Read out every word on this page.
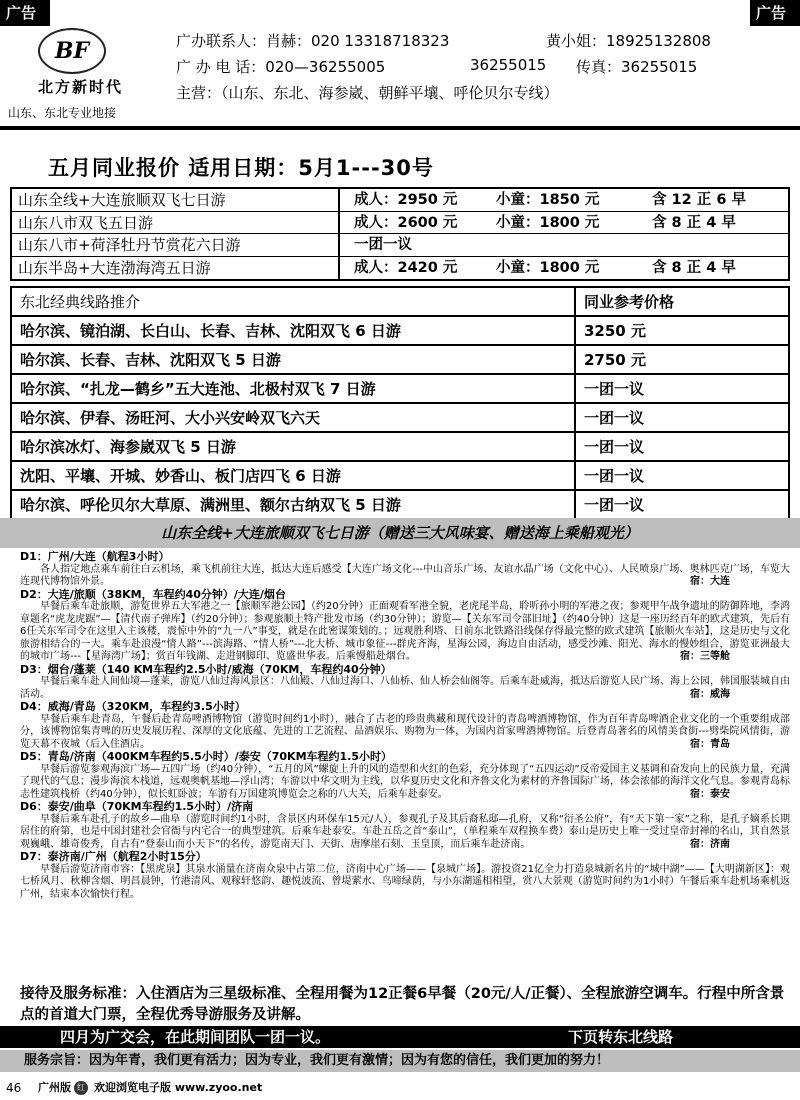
广告	广告
BF
北方新时代
山东、东北专业地接
广办联系人：肖赫：020 13318718323	黄小姐：18925132808
广 办 电 话：020—36255005	36255015 传真：36255015
主营：（山东、东北、海参崴、朝鲜平壤、呼伦贝尔专线）
五月同业报价 适用日期：5月1---30号
山东全线+大连旅顺双飞七日游	成人：2950 元	小童：1850 元	含 12 正 6 早
山东八市双飞五日游	成人：2600 元	小童：1800 元	含 8 正 4 早
山东八市+荷泽牡丹节赏花六日游	一团一议
山东半岛+大连渤海湾五日游	成人：2420 元	小童：1800 元	含 8 正 4 早
东北经典线路推介	同业参考价格
哈尔滨、镜泊湖、长白山、长春、吉林、沈阳双飞 6 日游	3250 元
哈尔滨、长春、吉林、沈阳双飞 5 日游	2750 元
哈尔滨、“扎龙—鹤乡”五大连池、北极村双飞 7 日游	一团一议
哈尔滨、伊春、汤旺河、大小兴安岭双飞六天	一团一议
哈尔滨冰灯、海参崴双飞 5 日游	一团一议
沈阳、平壤、开城、妙香山、板门店四飞 6 日游	一团一议
哈尔滨、呼伦贝尔大草原、满洲里、额尔古纳双飞 5 日游	一团一议
山东全线+大连旅顺双飞七日游（赠送三大风味宴、赠送海上乘船观光）
D1：广州/大连（航程3小时）
各人指定地点乘车前往白云机场，乘飞机前往大连，抵达大连后感受【大连广场文化---中山音乐广场、友谊水晶广场（文化中心）、人民喷泉广场、奥林匹克广场，车览大连现代博物馆外景。	宿：大连
D2：大连/旅顺（38KM，车程约40分钟）/大连/烟台
早餐后乘车赴旅顺，游览世界五大军港之一【旅顺军港公园】（约20分钟）正面观看军港全貌，老虎尾半岛，聆听孙小明的军港之夜；参观甲午战争遗址的防御阵地，李鸿章题名“虎龙虎踞”—【清代南子弹库】（约20分钟）；参观旅顺土特产批发市场（约30分钟）；游览—【关东军司令部旧址】（约40分钟）这是一座历经百年的欧式建筑，先后有6任关东军司令在这里入主该楼，震惊中外的“九一八”事变，就是在此密谋策划的。；远观胜利塔、日前东北铁路沿线保存得最完整的欧式建筑【旅顺火车站】，这是历史与文化旅游相结合的一大。乘车赴浪漫“情人路”---滨海路、“情人桥”---北大桥、城市象征---群虎齐海，星海公园，海边自由活动，感受沙滩、阳光、海水的慢妙组合，游览亚洲最大的城市广场---【星海湾广场】；赏百年钱湖、走进钢脚印、览盛世华表。后乘慢船赴烟台。	宿：三等舱
D3：烟台/蓬莱（140 KM车程约2.5小时/威海（70KM，车程约40分钟）
早餐后乘车赴人间仙境—蓬莱，游览八仙过海风景区：八仙殿、八仙过海口、八仙桥、仙人桥会仙阁等。后乘车赴威海，抵达后游览人民广场、海上公园，韩国服装城自由活动。	宿：威海
D4：威海/青岛（320KM，车程约3.5小时）
早餐后乘车赴青岛，午餐后赴青岛啤酒博物馆（游览时间约1小时），融合了古老的珍贵典藏和现代设计的青岛啤酒博物馆，作为百年青岛啤酒企业文化的一个重要组成部分，该博物馆集青啤的历史发展历程、深厚的文化底蕴、先进的工艺流程、品酒娱乐、购物为一体，为国内首家啤酒博物馆。后登青岛著名的风情美食街---劈柴院风情街，游览天幕不夜城（后入住酒店。	宿：青岛
D5：青岛/济南（400KM车程约5.5小时）/泰安（70KM车程约1.5小时）
早餐后游览参观海滨广场—五四广场（约40分钟），“五月的风”螺旋上升的风的造型和火红的色彩，充分体现了“五四运动”反帝爱国主义基调和奋发向上的民族力量，充满了现代的气息；漫步海滨木栈道，远观奥帆基地—浮山湾；车游以中华文明为主线，以华夏历史文化和齐鲁文化为素材的齐鲁国际广场，体会浓郁的海洋文化气息。参观青岛标志性建筑栈桥（约40分钟），似长虹卧波；车游有万国建筑博览会之称的八大关，后乘车赴泰安。	宿：泰安
D6：泰安/曲阜（70KM车程约1.5小时）/济南
早餐后乘车赴孔子的故乡—曲阜（游览时间约1小时，含景区内环保车15元/人），参观孔子及其后裔私邸—孔府，又称“衍圣公府”，有“天下第一家”之称，是孔子嫡系长期居住的府第，也是中国封建社会官衙与内宅合一的典型建筑。后乘车赴泰安。车赴五岳之首“泰山”，（单程乘车双程换车费）泰山是历史上唯一受过皇帝封禅的名山，其自然景观巍峨、雄奇俊秀，自古有“登泰山而小天下”的名传，游览南天门、天街、唐摩崖石刻、玉皇顶，而后乘车赴济南。	宿：济南
D7：泰济南/广州（航程2小时15分）
早餐后游览济南市容：【黑虎泉】其泉水涌量在济南众泉中占第二位，济南中心广场——【泉城广场】。游投资21亿全力打造泉城新名片的“城中湖”——【大明湖新区】：观七桥风月、秋柳含烟、明昌晨钟，竹港清风、观稼轩悠韵、趣悦波流、曾堤萦水、鸟啼绿荫，与小东湖遥相相望，赏八大景观（游览时间约为1小时）午餐后乘车赴机场乘机返广州，结束本次愉快行程。
接待及服务标准：入住酒店为三星级标准、全程用餐为12正餐6早餐（20元/人/正餐）、全程旅游空调车。行程中所含景点的首道大门票，全程优秀导游服务及讲解。
四月为广交会，在此期间团队一团一议。	下页转东北线路
服务宗旨：因为年青，我们更有活力；因为专业，我们更有激情；因为有您的信任，我们更加的努力！
46 广州版 红 欢迎浏览电子版 www.zyoo.net
